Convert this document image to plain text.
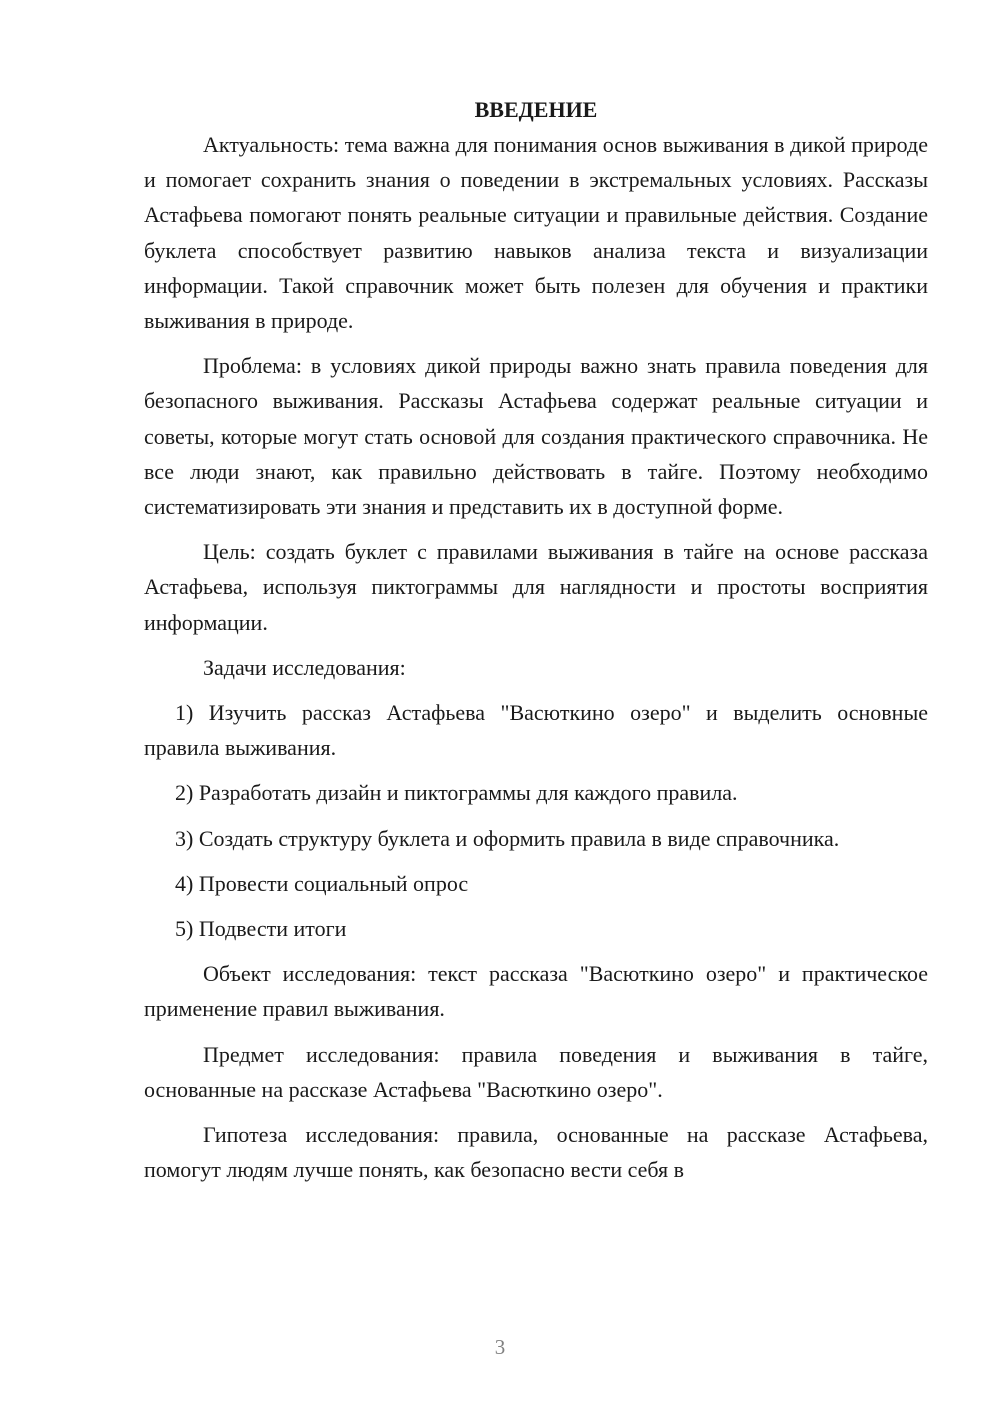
ВВЕДЕНИЕ

Актуальность: тема важна для понимания основ выживания в дикой природе и помогает сохранить знания о поведении в экстремальных условиях. Рассказы Астафьева помогают понять реальные ситуации и правильные действия. Создание буклета способствует развитию навыков анализа текста и визуализации информации. Такой справочник может быть полезен для обучения и практики выживания в природе.

Проблема: в условиях дикой природы важно знать правила поведения для безопасного выживания. Рассказы Астафьева содержат реальные ситуации и советы, которые могут стать основой для создания практического справочника. Не все люди знают, как правильно действовать в тайге. Поэтому необходимо систематизировать эти знания и представить их в доступной форме.

Цель: создать буклет с правилами выживания в тайге на основе рассказа Астафьева, используя пиктограммы для наглядности и простоты восприятия информации.

Задачи исследования:

1) Изучить рассказ Астафьева "Васюткино озеро" и выделить основные правила выживания.

2) Разработать дизайн и пиктограммы для каждого правила.

3) Создать структуру буклета и оформить правила в виде справочника.

4) Провести социальный опрос

5) Подвести итоги

Объект исследования: текст рассказа "Васюткино озеро" и практическое применение правил выживания.

Предмет исследования: правила поведения и выживания в тайге, основанные на рассказе Астафьева "Васюткино озеро".

Гипотеза исследования: правила, основанные на рассказе Астафьева, помогут людям лучше понять, как безопасно вести себя в

3
